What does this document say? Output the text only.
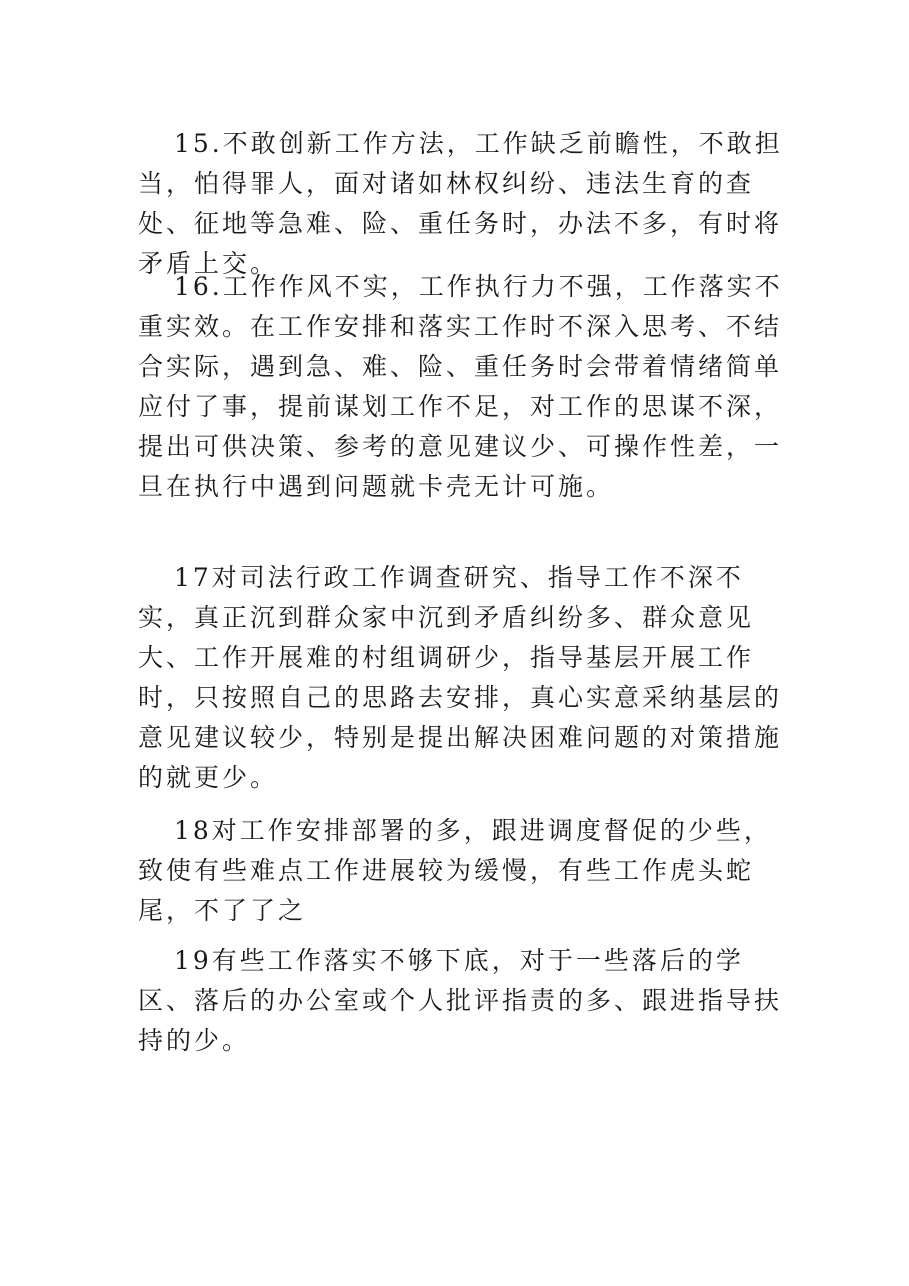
15.不敢创新工作方法，工作缺乏前瞻性，不敢担当，怕得罪人，面对诸如林权纠纷、违法生育的查处、征地等急难、险、重任务时，办法不多，有时将矛盾上交。

16.工作作风不实，工作执行力不强，工作落实不重实效。在工作安排和落实工作时不深入思考、不结合实际，遇到急、难、险、重任务时会带着情绪简单应付了事，提前谋划工作不足，对工作的思谋不深，提出可供决策、参考的意见建议少、可操作性差，一旦在执行中遇到问题就卡壳无计可施。

17对司法行政工作调查研究、指导工作不深不实，真正沉到群众家中沉到矛盾纠纷多、群众意见大、工作开展难的村组调研少，指导基层开展工作时，只按照自己的思路去安排，真心实意采纳基层的意见建议较少，特别是提出解决困难问题的对策措施的就更少。

18对工作安排部署的多，跟进调度督促的少些，致使有些难点工作进展较为缓慢，有些工作虎头蛇尾，不了了之

19有些工作落实不够下底，对于一些落后的学区、落后的办公室或个人批评指责的多、跟进指导扶持的少。
